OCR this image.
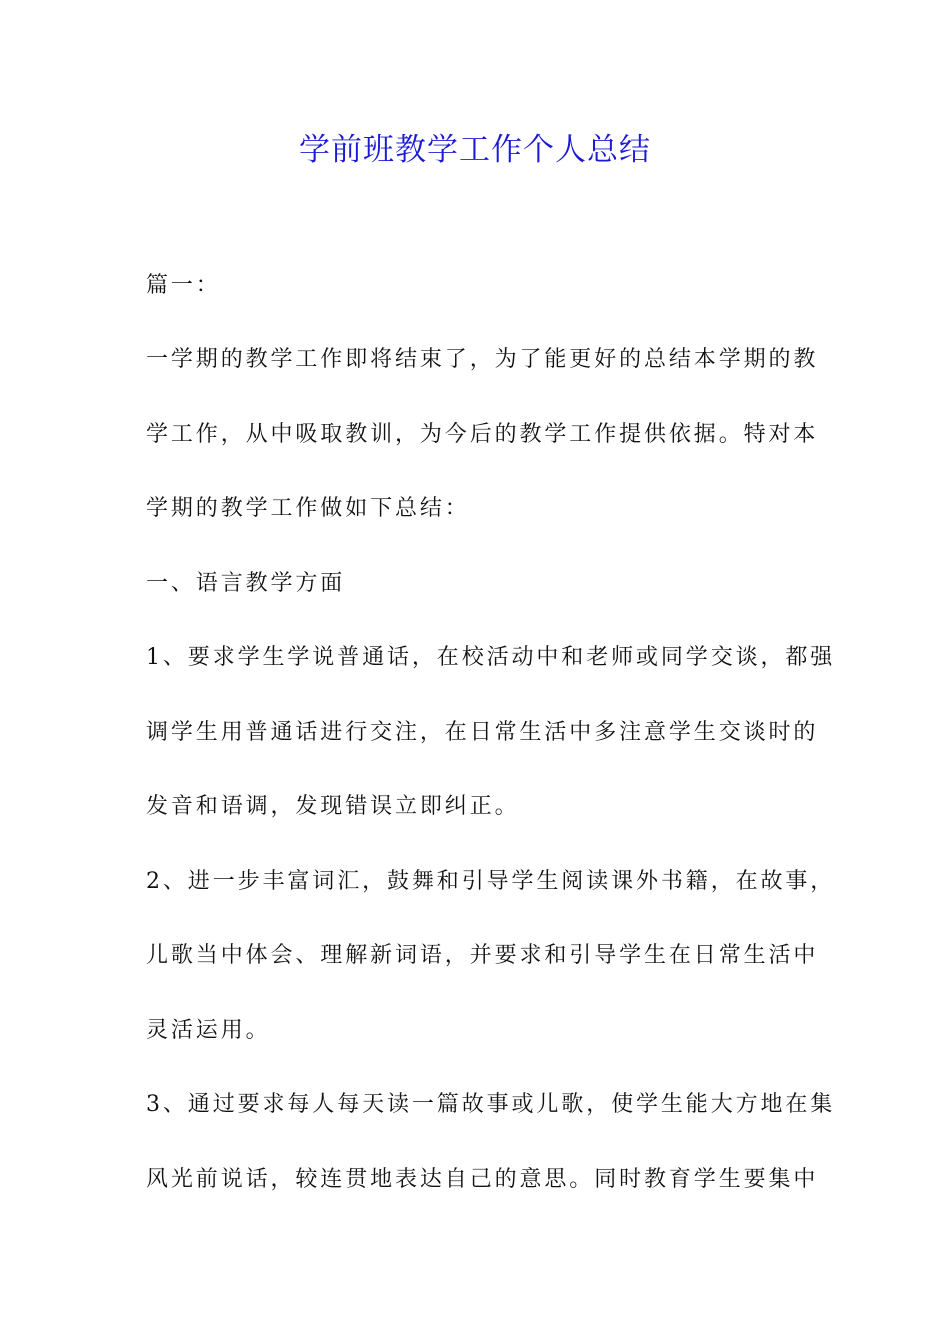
学前班教学工作个人总结
篇一：
一学期的教学工作即将结束了，为了能更好的总结本学期的教
学工作，从中吸取教训，为今后的教学工作提供依据。特对本
学期的教学工作做如下总结：
一、语言教学方面
1、要求学生学说普通话，在校活动中和老师或同学交谈，都强
调学生用普通话进行交注，在日常生活中多注意学生交谈时的
发音和语调，发现错误立即纠正。
2、进一步丰富词汇，鼓舞和引导学生阅读课外书籍，在故事，
儿歌当中体会、理解新词语，并要求和引导学生在日常生活中
灵活运用。
3、通过要求每人每天读一篇故事或儿歌，使学生能大方地在集
风光前说话，较连贯地表达自己的意思。同时教育学生要集中
